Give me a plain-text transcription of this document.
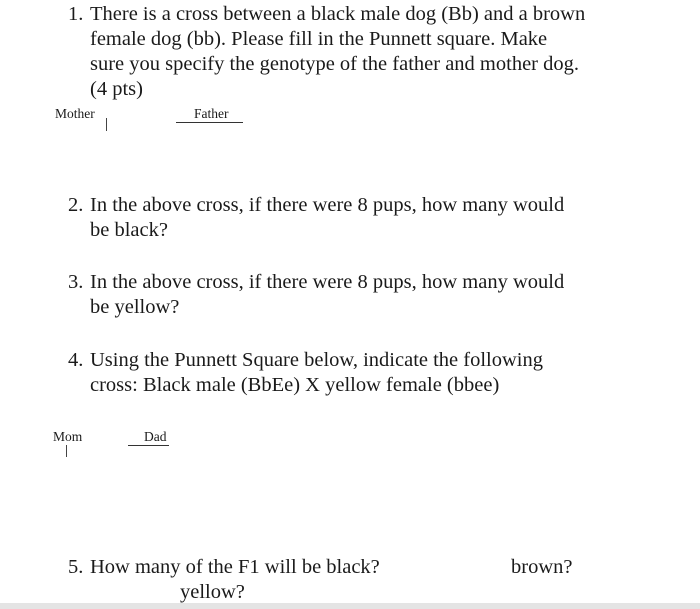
1. There is a cross between a black male dog (Bb) and a brown
female dog (bb). Please fill in the Punnett square. Make
sure you specify the genotype of the father and mother dog.
(4 pts)
Mother	Father
2. In the above cross, if there were 8 pups, how many would
be black?
3. In the above cross, if there were 8 pups, how many would
be yellow?
4. Using the Punnett Square below, indicate the following
cross: Black male (BbEe) X yellow female (bbee)
Mom	Dad
5. How many of the F1 will be black?	brown?
yellow?
